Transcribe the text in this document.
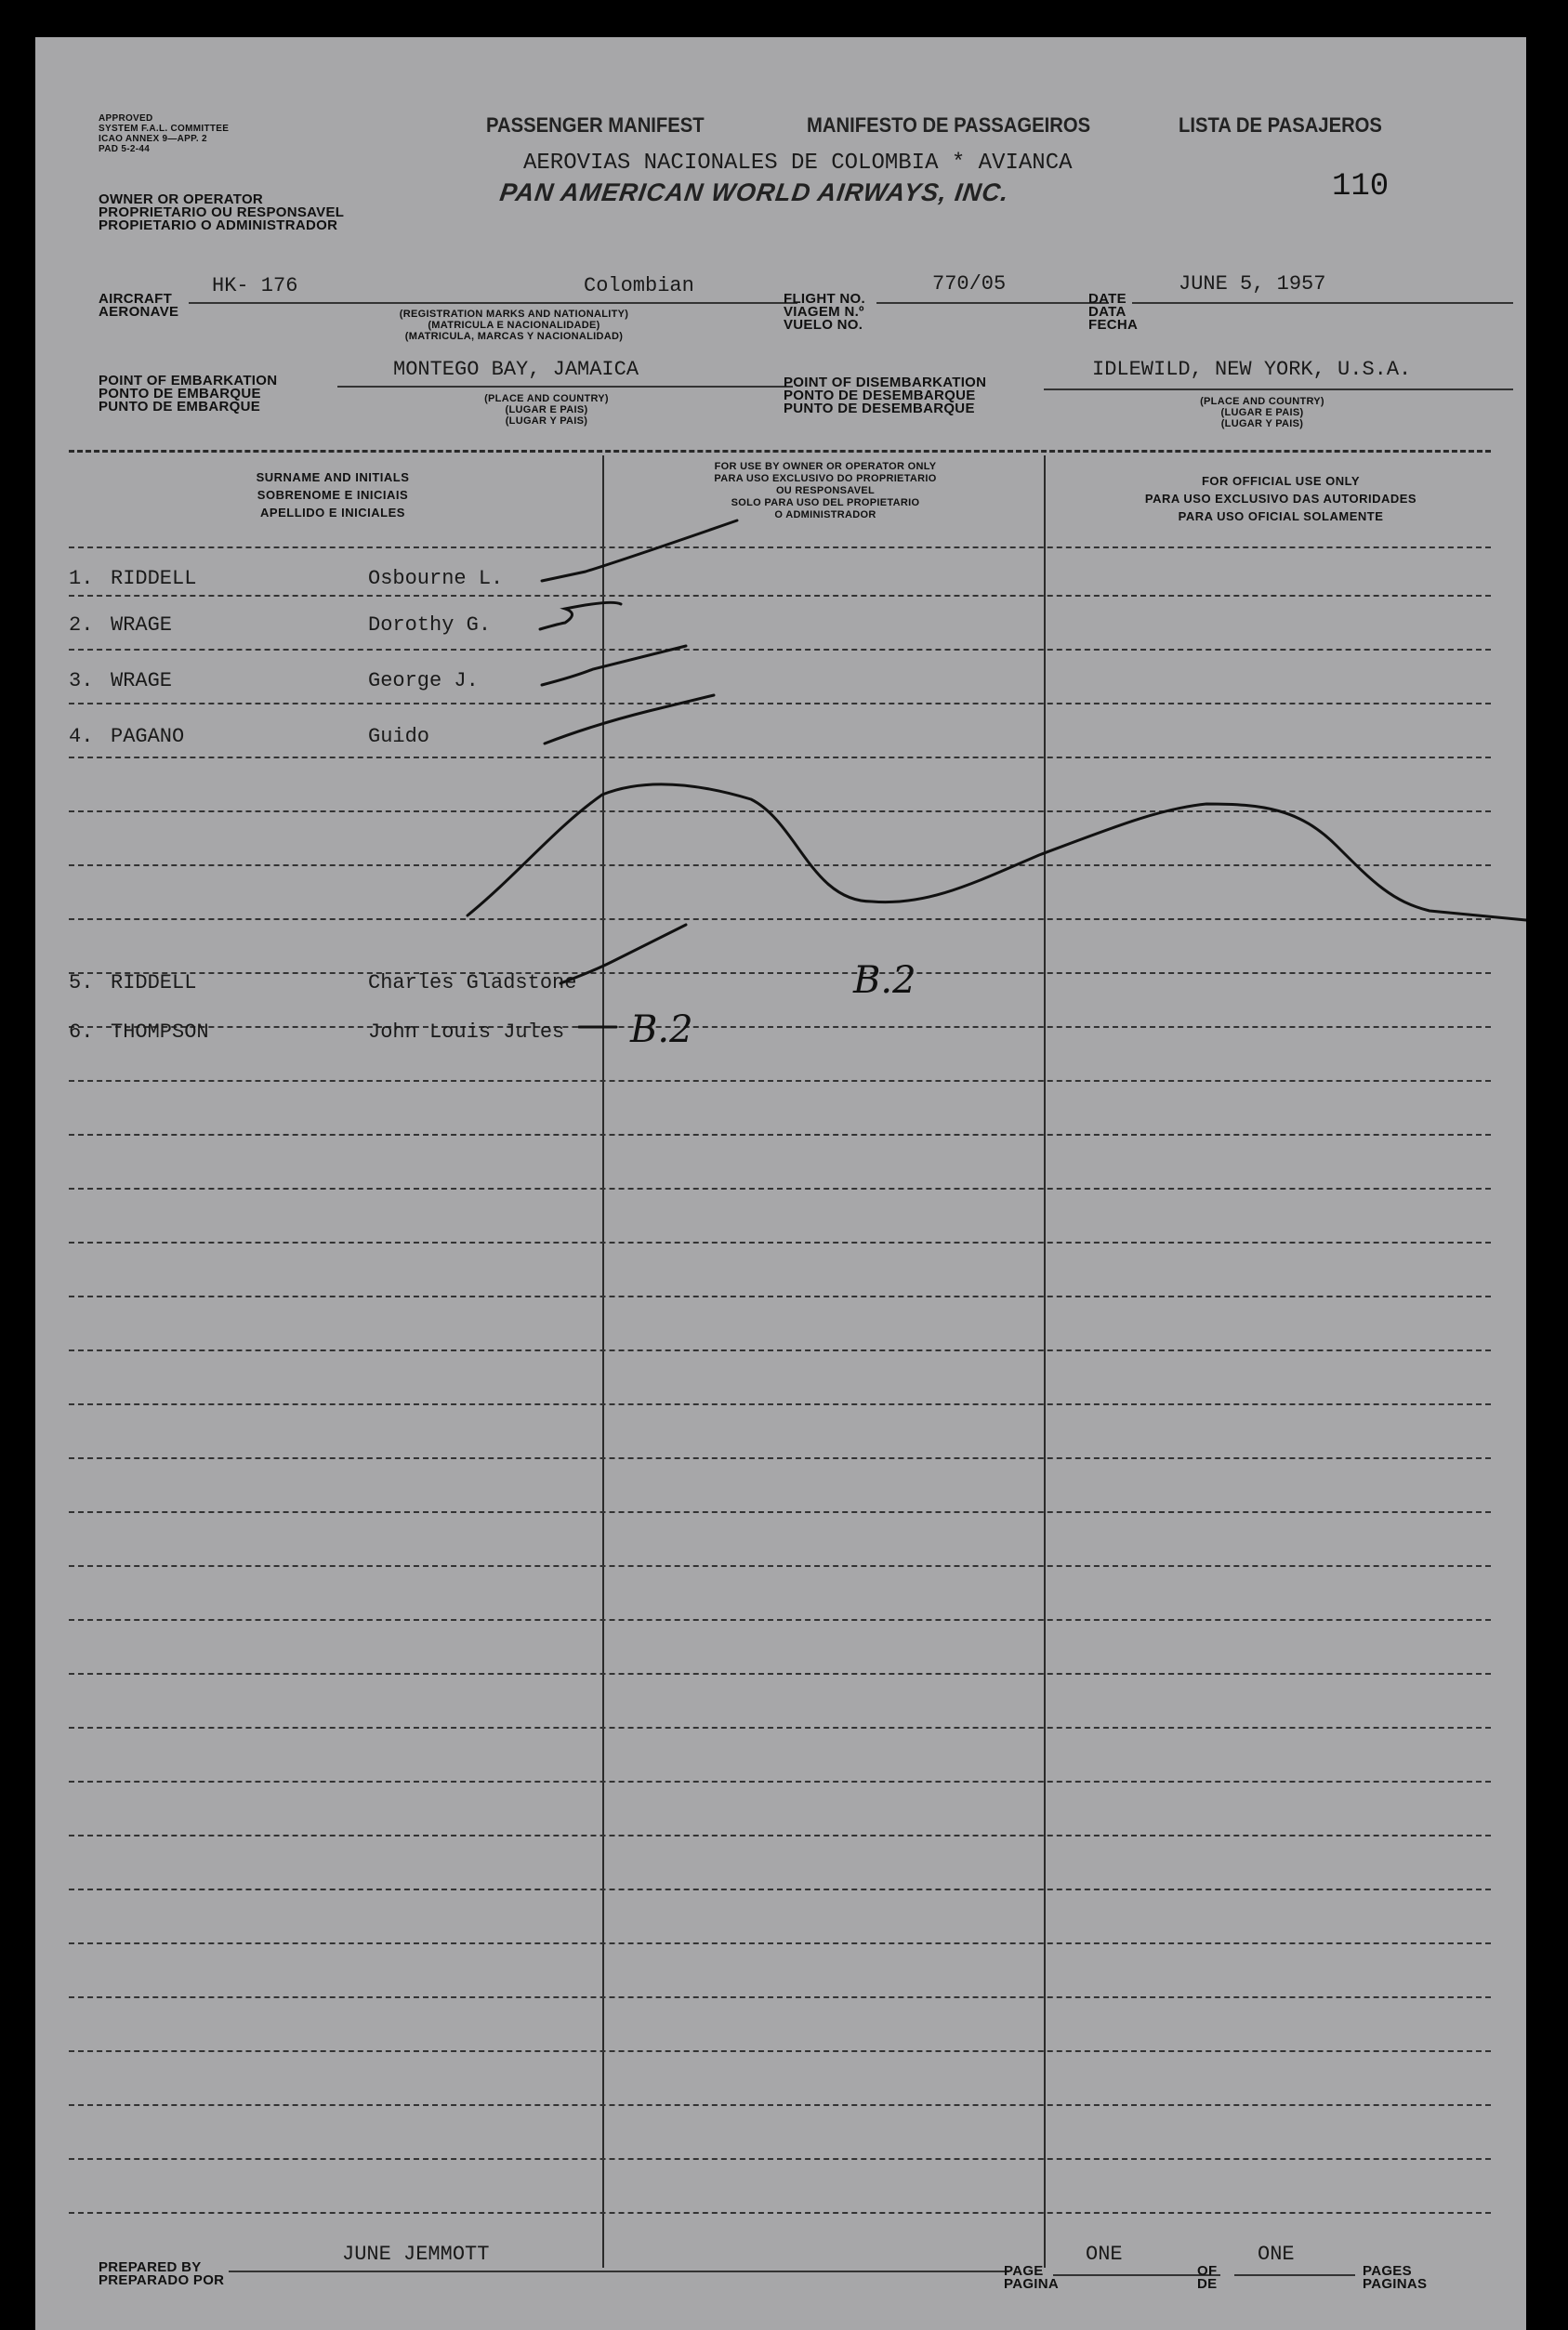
APPROVED
SYSTEM F.A.L. COMMITTEE
ICAO ANNEX 9—APP. 2
PAD 5-2-44
OWNER OR OPERATOR
PROPRIETARIO OU RESPONSAVEL
PROPIETARIO O ADMINISTRADOR
PASSENGER MANIFEST	MANIFESTO DE PASSAGEIROS	LISTA DE PASAJEROS
AEROVIAS NACIONALES DE COLOMBIA * AVIANCA
PAN AMERICAN WORLD AIRWAYS, INC.	110
AIRCRAFT
AERONAVE
HK- 176	Colombian
(REGISTRATION MARKS AND NATIONALITY)
(MATRICULA E NACIONALIDADE)
(MATRICULA, MARCAS Y NACIONALIDAD)
FLIGHT NO.
VIAGEM N.º
VUELO NO.
770/05
DATE
DATA
FECHA
JUNE 5, 1957
POINT OF EMBARKATION
PONTO DE EMBARQUE
PUNTO DE EMBARQUE
MONTEGO BAY, JAMAICA
(PLACE AND COUNTRY)
(LUGAR E PAIS)
(LUGAR Y PAIS)
POINT OF DISEMBARKATION
PONTO DE DESEMBARQUE
PUNTO DE DESEMBARQUE
IDLEWILD, NEW YORK, U.S.A.
(PLACE AND COUNTRY)
(LUGAR E PAIS)
(LUGAR Y PAIS)
SURNAME AND INITIALS
SOBRENOME E INICIAIS
APELLIDO E INICIALES
FOR USE BY OWNER OR OPERATOR ONLY
PARA USO EXCLUSIVO DO PROPRIETARIO
OU RESPONSAVEL
SOLO PARA USO DEL PROPIETARIO
O ADMINISTRADOR
FOR OFFICIAL USE ONLY
PARA USO EXCLUSIVO DAS AUTORIDADES
PARA USO OFICIAL SOLAMENTE
1. RIDDELL	Osbourne L.
2. WRAGE	Dorothy G.
3. WRAGE	George J.
4. PAGANO	Guido
5. RIDDELL	Charles Gladstone
6. THOMPSON	John Louis Jules
B.2
B.2
PREPARED BY
PREPARADO POR
JUNE JEMMOTT
PAGE
PAGINA
ONE
OF
DE
ONE
PAGES
PAGINAS
